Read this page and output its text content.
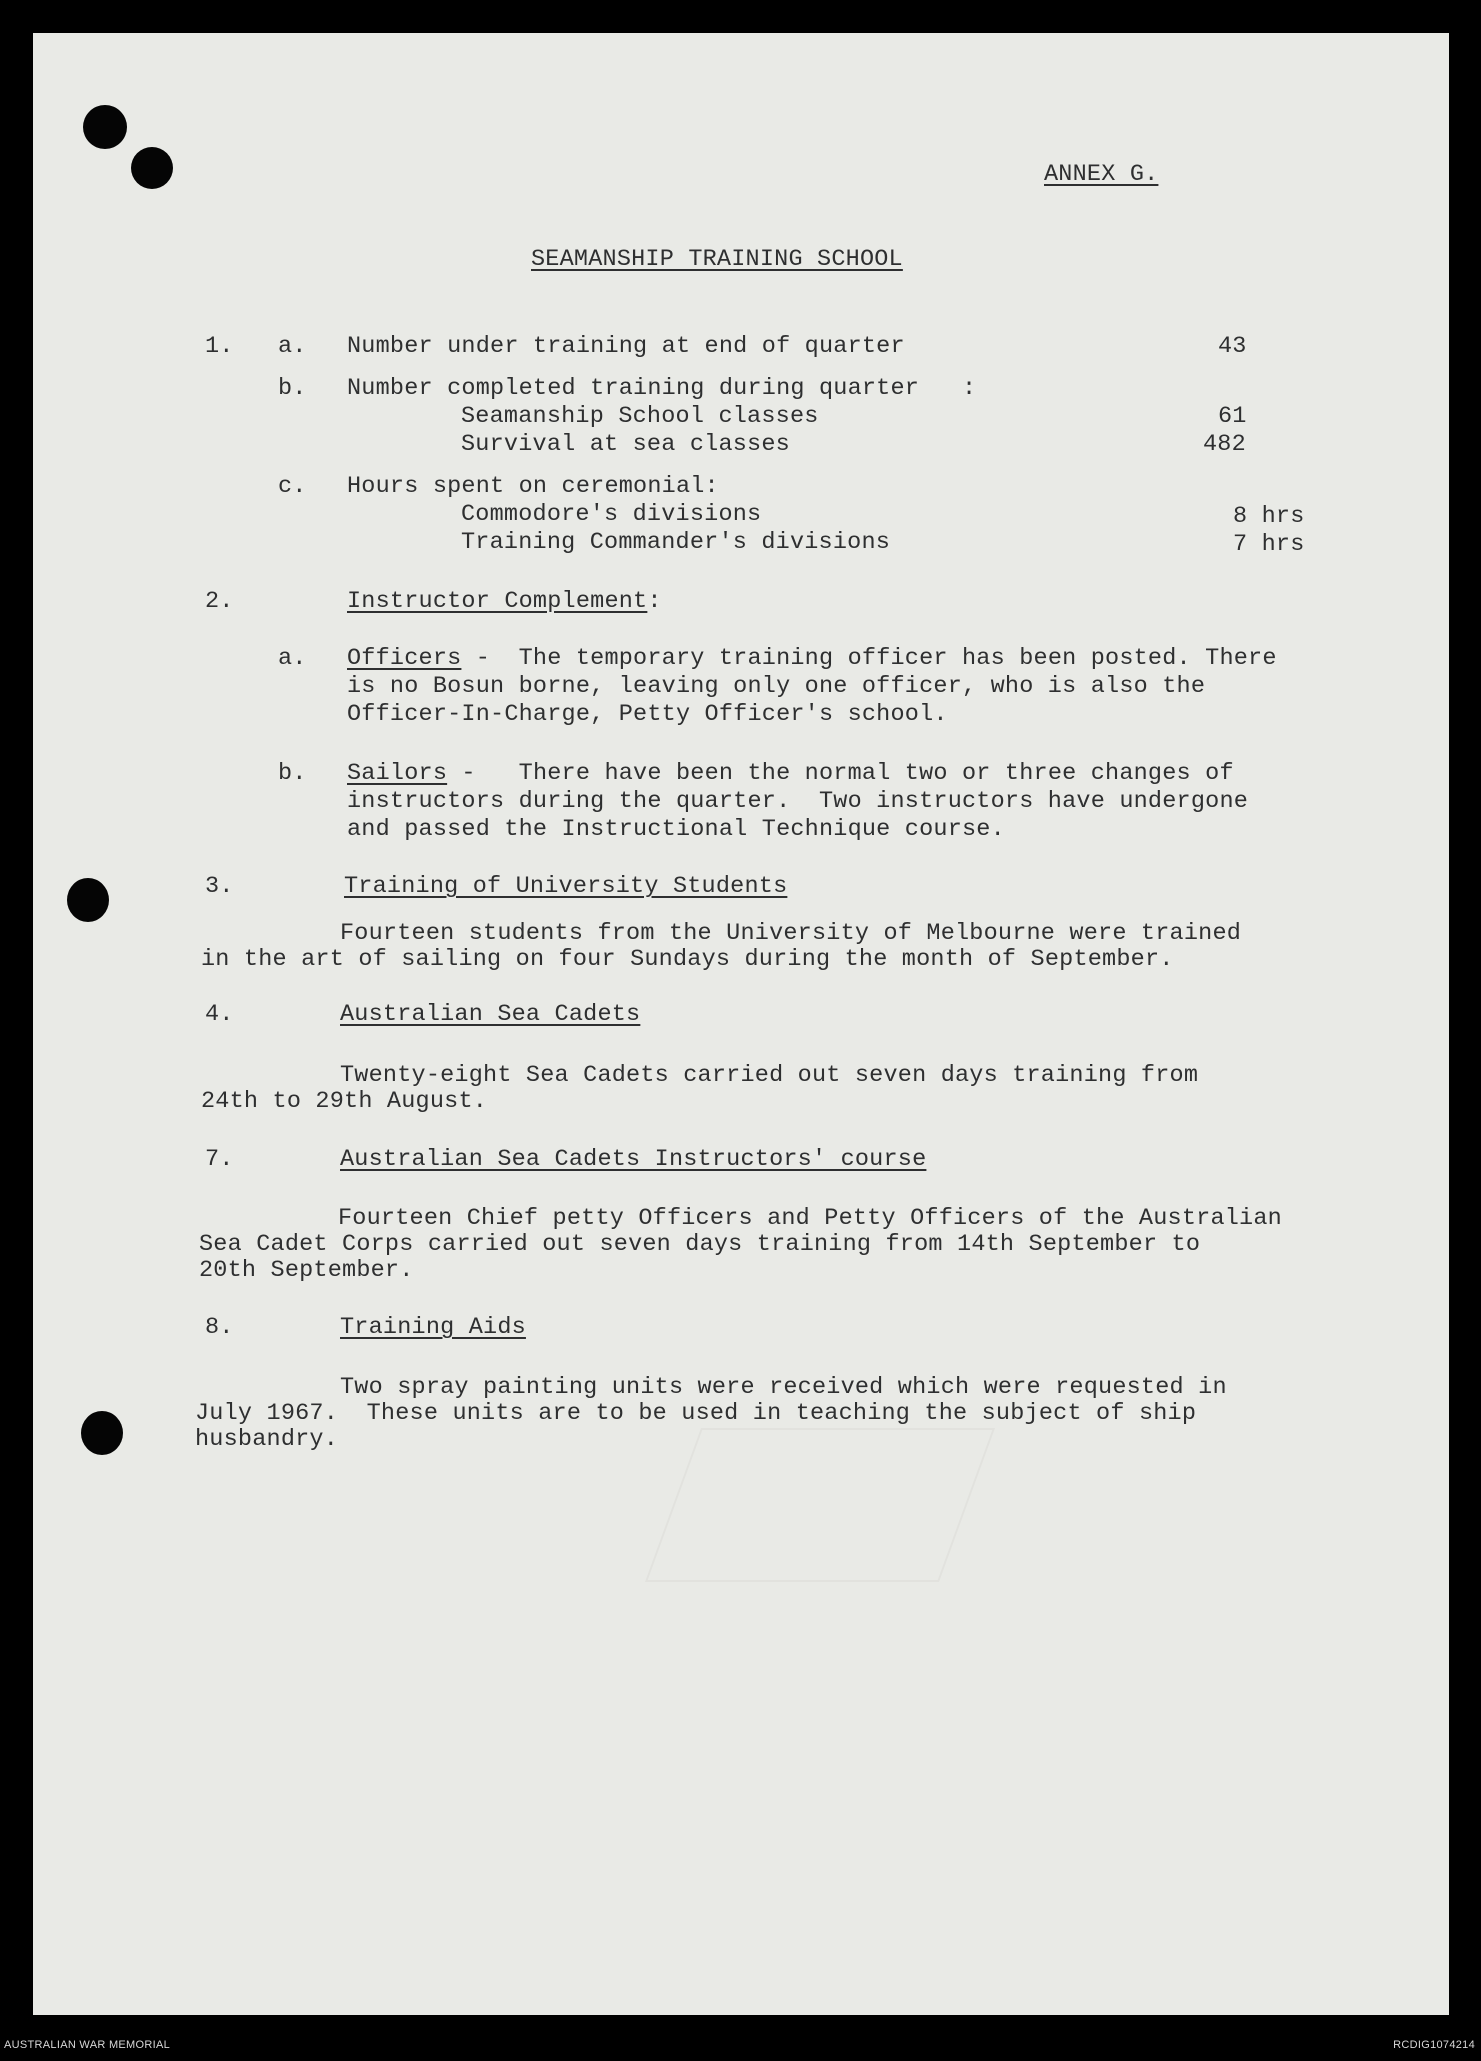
ANNEX G.
SEAMANSHIP TRAINING SCHOOL
1. a. Number under training at end of quarter	43
b. Number completed training during quarter   :
Seamanship School classes	61
Survival at sea classes	482
c. Hours spent on ceremonial:
Commodore's divisions	8 hrs
Training Commander's divisions	7 hrs
2.	Instructor Complement:
a. Officers -  The temporary training officer has been posted. There
is no Bosun borne, leaving only one officer, who is also the
Officer-In-Charge, Petty Officer's school.
b. Sailors -   There have been the normal two or three changes of
instructors during the quarter.  Two instructors have undergone
and passed the Instructional Technique course.
3.	Training of University Students
Fourteen students from the University of Melbourne were trained
in the art of sailing on four Sundays during the month of September.
4.	Australian Sea Cadets
Twenty-eight Sea Cadets carried out seven days training from
24th to 29th August.
7.	Australian Sea Cadets Instructors' course
Fourteen Chief petty Officers and Petty Officers of the Australian
Sea Cadet Corps carried out seven days training from 14th September to
20th September.
8.	Training Aids
Two spray painting units were received which were requested in
July 1967.  These units are to be used in teaching the subject of ship
husbandry.
AUSTRALIAN WAR MEMORIAL	RCDIG1074214
